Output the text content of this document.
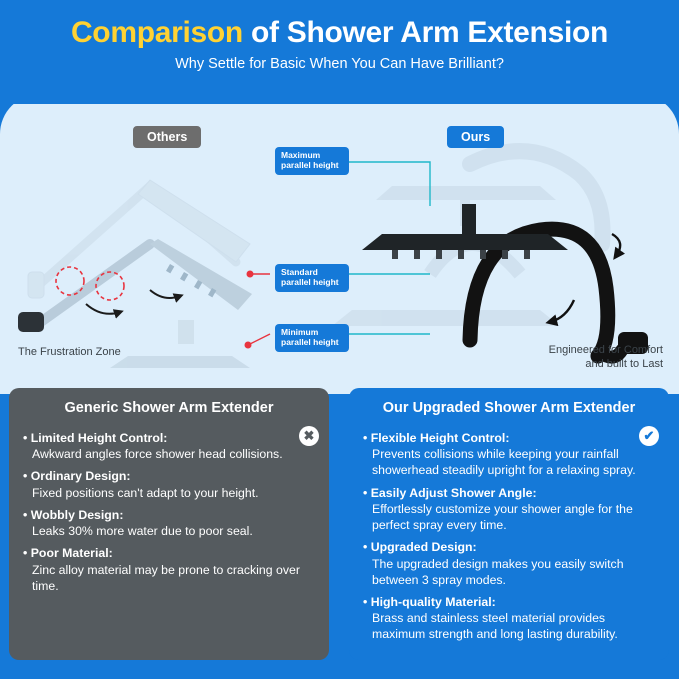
Comparison of Shower Arm Extension
Why Settle for Basic When You Can Have Brilliant?
Others	Ours
Maximum
parallel height
Standard
parallel height
Minimum
parallel height
The Frustration Zone	Engineered for Comfort
and built to Last
Generic Shower Arm Extender
✖
• Limited Height Control:
Awkward angles force shower head collisions.
• Ordinary Design:
Fixed positions can't adapt to your height.
• Wobbly Design:
Leaks 30% more water due to poor seal.
• Poor Material:
Zinc alloy material may be prone to cracking over time.
Our Upgraded Shower Arm Extender
✔
• Flexible Height Control:
Prevents collisions while keeping your rainfall showerhead steadily upright for a relaxing spray.
• Easily Adjust Shower Angle:
Effortlessly customize your shower angle for the perfect spray every time.
• Upgraded Design:
The upgraded design makes you easily switch between 3 spray modes.
• High-quality Material:
Brass and stainless steel material provides maximum strength and long lasting durability.
